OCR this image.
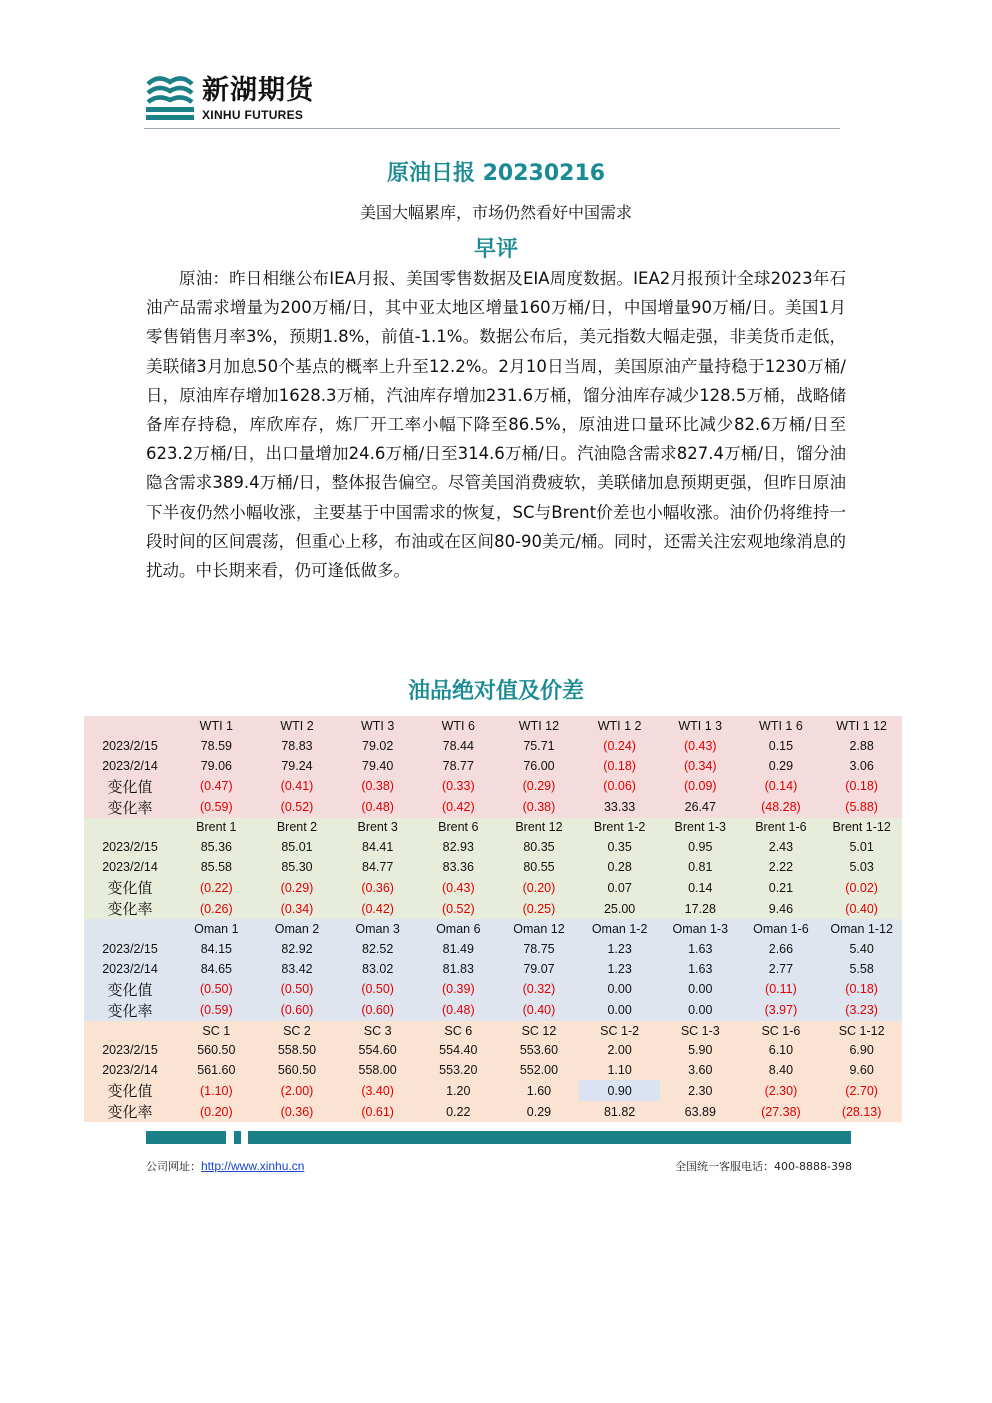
新湖期货
XINHU FUTURES
原油日报 20230216
美国大幅累库，市场仍然看好中国需求
早评
原油：昨日相继公布IEA月报、美国零售数据及EIA周度数据。IEA2月报预计全球2023年石油产品需求增量为200万桶/日，其中亚太地区增量160万桶/日，中国增量90万桶/日。美国1月零售销售月率3%，预期1.8%，前值-1.1%。数据公布后，美元指数大幅走强，非美货币走低，美联储3月加息50个基点的概率上升至12.2%。2月10日当周，美国原油产量持稳于1230万桶/日，原油库存增加1628.3万桶，汽油库存增加231.6万桶，馏分油库存减少128.5万桶，战略储备库存持稳，库欣库存，炼厂开工率小幅下降至86.5%，原油进口量环比减少82.6万桶/日至623.2万桶/日，出口量增加24.6万桶/日至314.6万桶/日。汽油隐含需求827.4万桶/日，馏分油隐含需求389.4万桶/日，整体报告偏空。尽管美国消费疲软，美联储加息预期更强，但昨日原油下半夜仍然小幅收涨，主要基于中国需求的恢复，SC与Brent价差也小幅收涨。油价仍将维持一段时间的区间震荡，但重心上移，布油或在区间80-90美元/桶。同时，还需关注宏观地缘消息的扰动。中长期来看，仍可逢低做多。
油品绝对值及价差
	WTI 1	WTI 2	WTI 3	WTI 6	WTI 12	WTI 1 2	WTI 1 3	WTI 1 6	WTI 1 12
2023/2/15	78.59	78.83	79.02	78.44	75.71	(0.24)	(0.43)	0.15	2.88
2023/2/14	79.06	79.24	79.40	78.77	76.00	(0.18)	(0.34)	0.29	3.06
变化值	(0.47)	(0.41)	(0.38)	(0.33)	(0.29)	(0.06)	(0.09)	(0.14)	(0.18)
变化率	(0.59)	(0.52)	(0.48)	(0.42)	(0.38)	33.33	26.47	(48.28)	(5.88)
	Brent 1	Brent 2	Brent 3	Brent 6	Brent 12	Brent 1-2	Brent 1-3	Brent 1-6	Brent 1-12
2023/2/15	85.36	85.01	84.41	82.93	80.35	0.35	0.95	2.43	5.01
2023/2/14	85.58	85.30	84.77	83.36	80.55	0.28	0.81	2.22	5.03
变化值	(0.22)	(0.29)	(0.36)	(0.43)	(0.20)	0.07	0.14	0.21	(0.02)
变化率	(0.26)	(0.34)	(0.42)	(0.52)	(0.25)	25.00	17.28	9.46	(0.40)
	Oman 1	Oman 2	Oman 3	Oman 6	Oman 12	Oman 1-2	Oman 1-3	Oman 1-6	Oman 1-12
2023/2/15	84.15	82.92	82.52	81.49	78.75	1.23	1.63	2.66	5.40
2023/2/14	84.65	83.42	83.02	81.83	79.07	1.23	1.63	2.77	5.58
变化值	(0.50)	(0.50)	(0.50)	(0.39)	(0.32)	0.00	0.00	(0.11)	(0.18)
变化率	(0.59)	(0.60)	(0.60)	(0.48)	(0.40)	0.00	0.00	(3.97)	(3.23)
	SC 1	SC 2	SC 3	SC 6	SC 12	SC 1-2	SC 1-3	SC 1-6	SC 1-12
2023/2/15	560.50	558.50	554.60	554.40	553.60	2.00	5.90	6.10	6.90
2023/2/14	561.60	560.50	558.00	553.20	552.00	1.10	3.60	8.40	9.60
变化值	(1.10)	(2.00)	(3.40)	1.20	1.60	0.90	2.30	(2.30)	(2.70)
变化率	(0.20)	(0.36)	(0.61)	0.22	0.29	81.82	63.89	(27.38)	(28.13)
公司网址：http://www.xinhu.cn	全国统一客服电话：400-8888-398
